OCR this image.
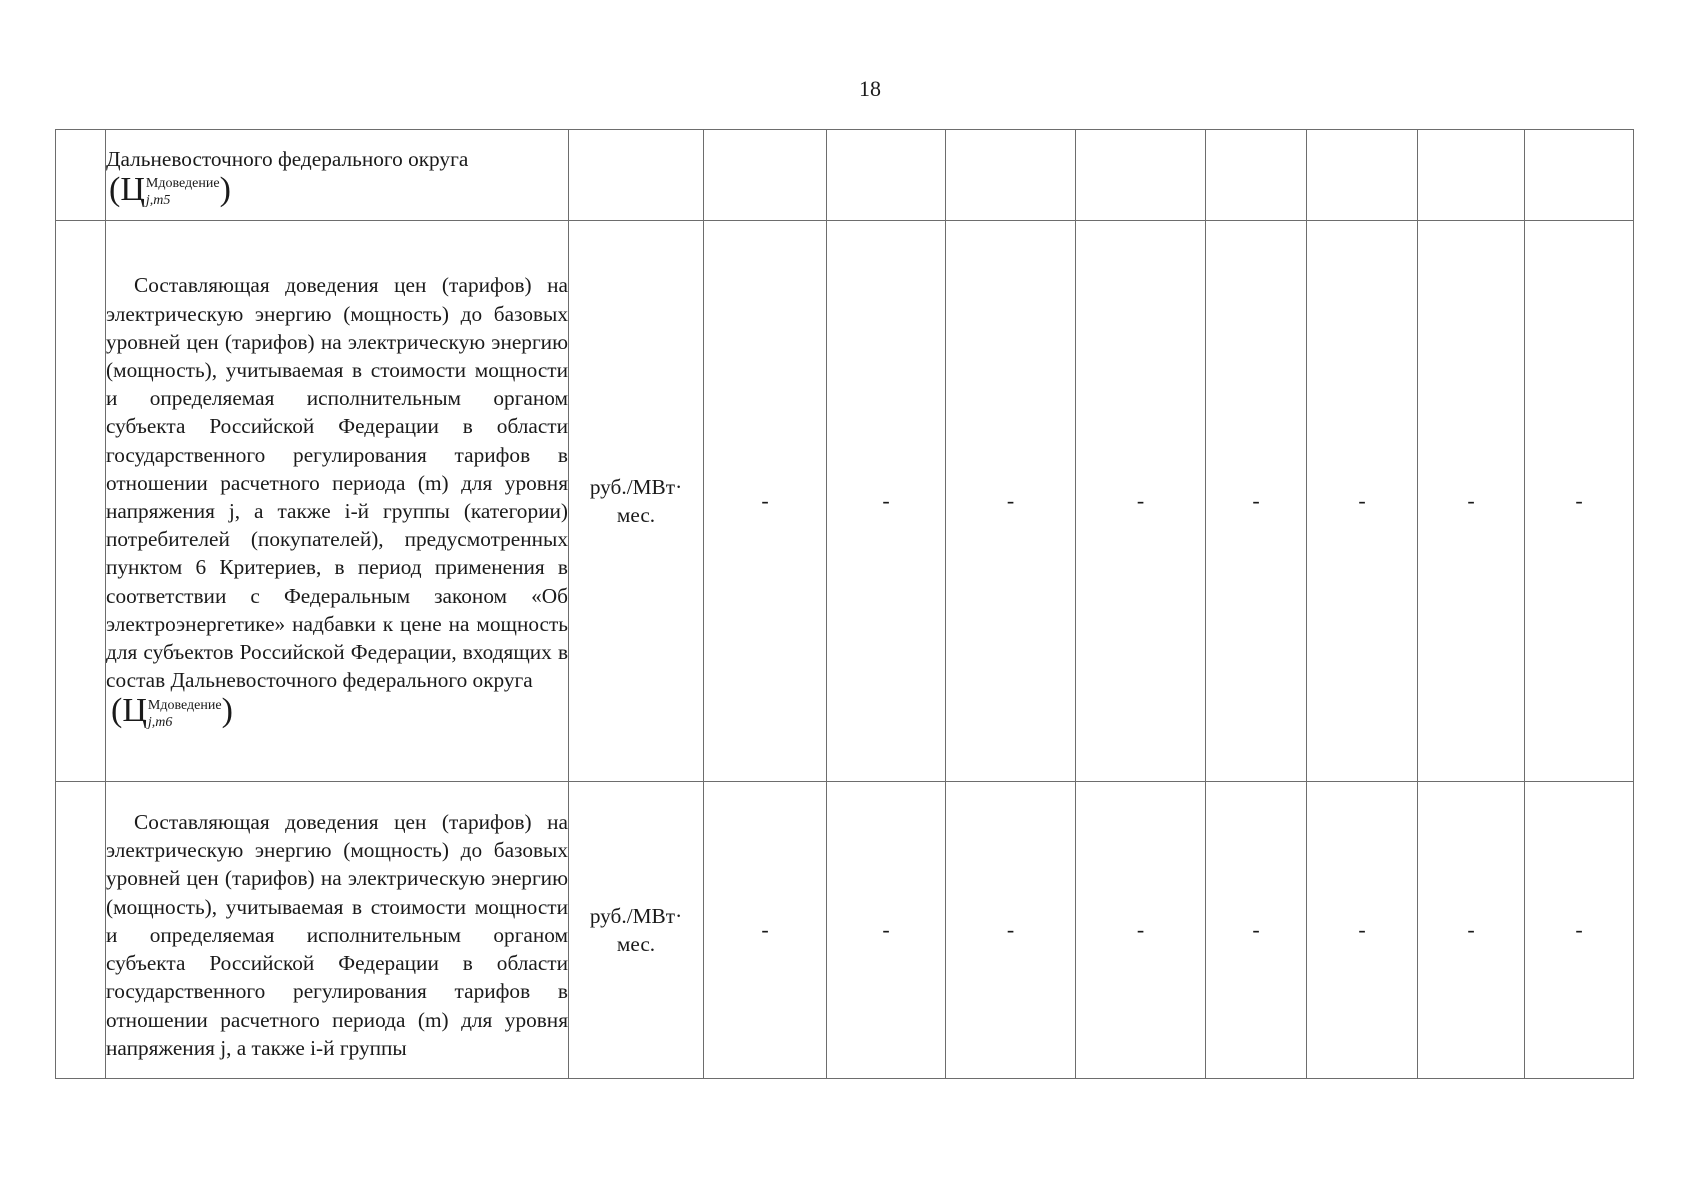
18

	Дальневосточного федерального округа
(Ц Мдоведение
j,m5 )									

	Составляющая доведения цен (тарифов) на электрическую энергию (мощность) до базовых уровней цен (тарифов) на электрическую энергию (мощность), учитываемая в стоимости мощности и определяемая исполнительным органом субъекта Российской Федерации в области государственного регулирования тарифов в отношении расчетного периода (m) для уровня напряжения j, а также i-й группы (категории) потребителей (покупателей), предусмотренных пунктом 6 Критериев, в период применения в соответствии с Федеральным законом «Об электроэнергетике» надбавки к цене на мощность для субъектов Российской Федерации, входящих в состав Дальневосточного федерального округа
(Ц Мдоведение
j,m6 )	руб./МВт· мес.	-	-	-	-	-	-	-	-

	Составляющая доведения цен (тарифов) на электрическую энергию (мощность) до базовых уровней цен (тарифов) на электрическую энергию (мощность), учитываемая в стоимости мощности и определяемая исполнительным органом субъекта Российской Федерации в области государственного регулирования тарифов в отношении расчетного периода (m) для уровня напряжения j, а также i-й группы	руб./МВт· мес.	-	-	-	-	-	-	-	-
